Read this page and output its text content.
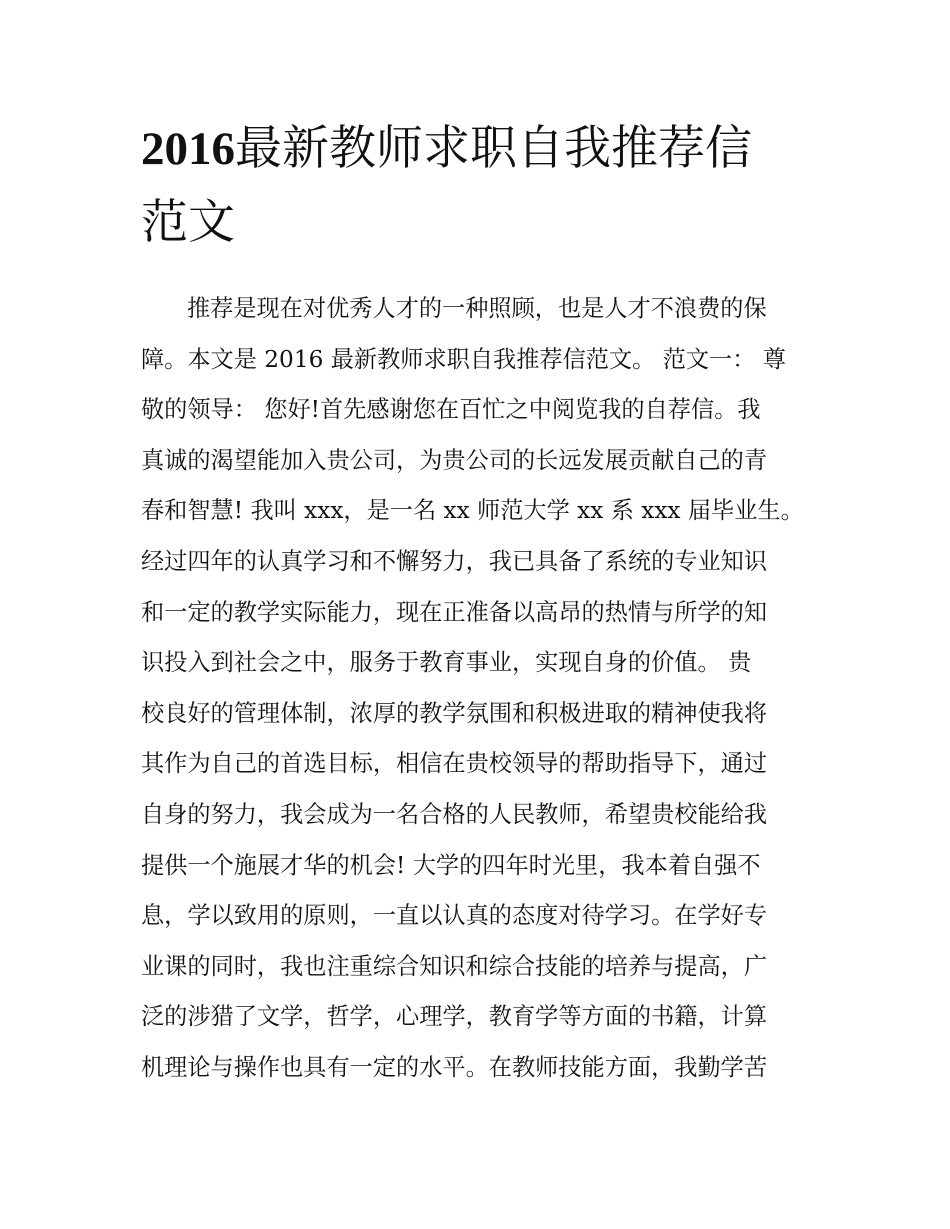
2016最新教师求职自我推荐信
范文
推荐是现在对优秀人才的一种照顾，也是人才不浪费的保
障。本文是 2016 最新教师求职自我推荐信范文。 范文一： 尊
敬的领导： 您好!首先感谢您在百忙之中阅览我的自荐信。我
真诚的渴望能加入贵公司，为贵公司的长远发展贡献自己的青
春和智慧! 我叫 xxx，是一名 xx 师范大学 xx 系 xxx 届毕业生。
经过四年的认真学习和不懈努力，我已具备了系统的专业知识
和一定的教学实际能力，现在正准备以高昂的热情与所学的知
识投入到社会之中，服务于教育事业，实现自身的价值。 贵
校良好的管理体制，浓厚的教学氛围和积极进取的精神使我将
其作为自己的首选目标，相信在贵校领导的帮助指导下，通过
自身的努力，我会成为一名合格的人民教师，希望贵校能给我
提供一个施展才华的机会! 大学的四年时光里，我本着自强不
息，学以致用的原则，一直以认真的态度对待学习。在学好专
业课的同时，我也注重综合知识和综合技能的培养与提高，广
泛的涉猎了文学，哲学，心理学，教育学等方面的书籍，计算
机理论与操作也具有一定的水平。在教师技能方面，我勤学苦
